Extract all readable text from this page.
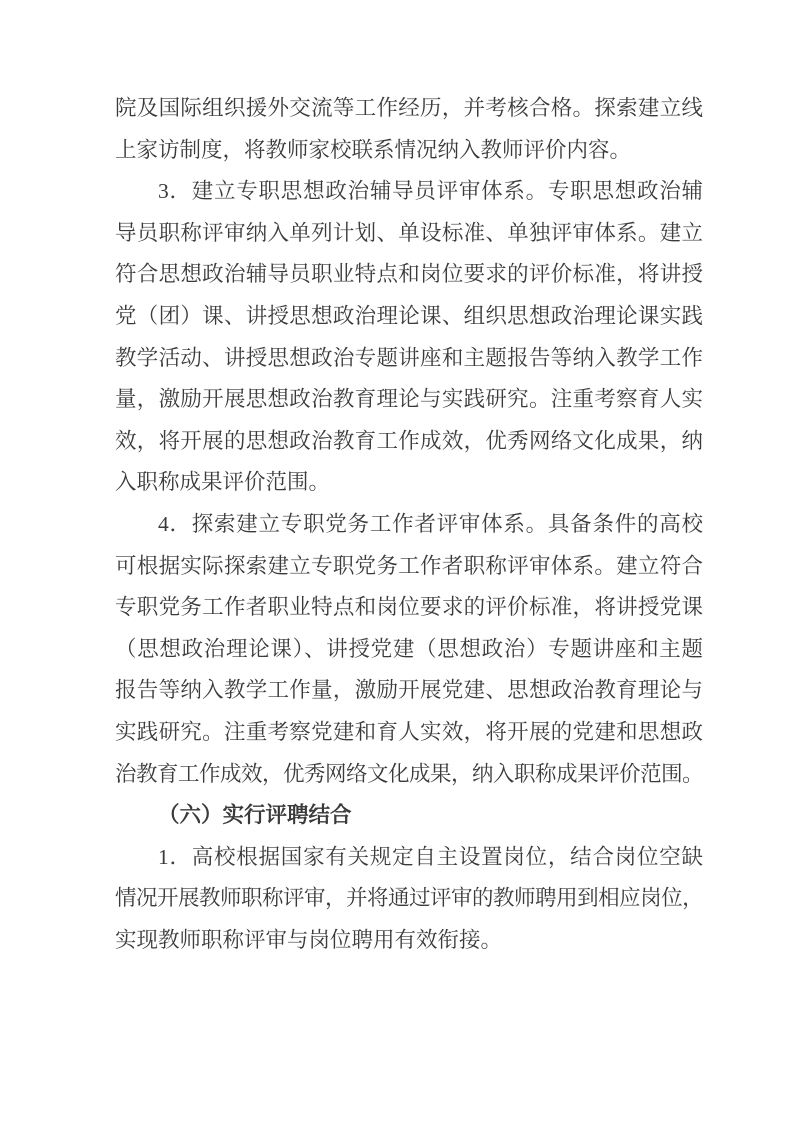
院及国际组织援外交流等工作经历，并考核合格。探索建立线
上家访制度，将教师家校联系情况纳入教师评价内容。
3．建立专职思想政治辅导员评审体系。专职思想政治辅
导员职称评审纳入单列计划、单设标准、单独评审体系。建立
符合思想政治辅导员职业特点和岗位要求的评价标准，将讲授
党（团）课、讲授思想政治理论课、组织思想政治理论课实践
教学活动、讲授思想政治专题讲座和主题报告等纳入教学工作
量，激励开展思想政治教育理论与实践研究。注重考察育人实
效，将开展的思想政治教育工作成效，优秀网络文化成果，纳
入职称成果评价范围。
4．探索建立专职党务工作者评审体系。具备条件的高校
可根据实际探索建立专职党务工作者职称评审体系。建立符合
专职党务工作者职业特点和岗位要求的评价标准，将讲授党课
（思想政治理论课）、讲授党建（思想政治）专题讲座和主题
报告等纳入教学工作量，激励开展党建、思想政治教育理论与
实践研究。注重考察党建和育人实效，将开展的党建和思想政
治教育工作成效，优秀网络文化成果，纳入职称成果评价范围。
（六）实行评聘结合
1．高校根据国家有关规定自主设置岗位，结合岗位空缺
情况开展教师职称评审，并将通过评审的教师聘用到相应岗位，
实现教师职称评审与岗位聘用有效衔接。
